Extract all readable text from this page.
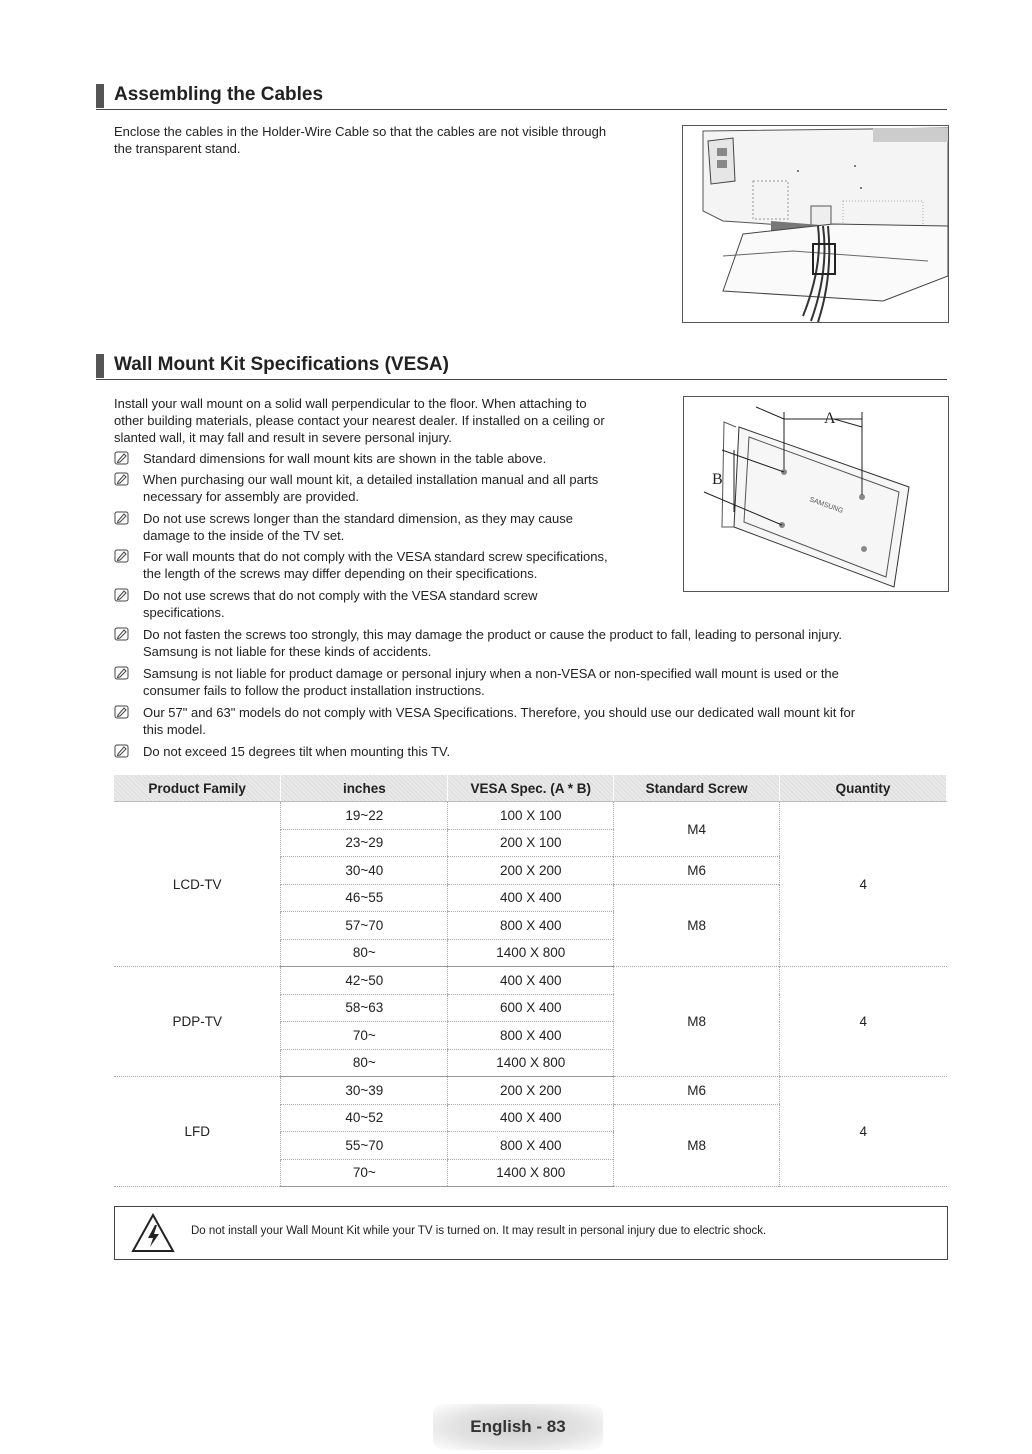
Assembling the Cables
Enclose the cables in the Holder-Wire Cable so that the cables are not visible through
the transparent stand.
Wall Mount Kit Specifications (VESA)
Install your wall mount on a solid wall perpendicular to the floor. When attaching to
other building materials, please contact your nearest dealer. If installed on a ceiling or
slanted wall, it may fall and result in severe personal injury.
SAMSUNG
A
B
Standard dimensions for wall mount kits are shown in the table above.
When purchasing our wall mount kit, a detailed installation manual and all parts
necessary for assembly are provided.
Do not use screws longer than the standard dimension, as they may cause
damage to the inside of the TV set.
For wall mounts that do not comply with the VESA standard screw specifications,
the length of the screws may differ depending on their specifications.
Do not use screws that do not comply with the VESA standard screw
specifications.
Do not fasten the screws too strongly, this may damage the product or cause the product to fall, leading to personal injury.
Samsung is not liable for these kinds of accidents.
Samsung is not liable for product damage or personal injury when a non-VESA or non-specified wall mount is used or the
consumer fails to follow the product installation instructions.
Our 57" and 63" models do not comply with VESA Specifications. Therefore, you should use our dedicated wall mount kit for
this model.
Do not exceed 15 degrees tilt when mounting this TV.
Product Family	inches	VESA Spec. (A * B)	Standard Screw	Quantity
LCD-TV	19~22	100 X 100	M4	4
	23~29	200 X 100		
	30~40	200 X 200	M6	
	46~55	400 X 400	M8	
	57~70	800 X 400		
	80~	1400 X 800		
PDP-TV	42~50	400 X 400	M8	4
	58~63	600 X 400		
	70~	800 X 400		
	80~	1400 X 800		
LFD	30~39	200 X 200	M6	4
	40~52	400 X 400	M8	
	55~70	800 X 400		
	70~	1400 X 800		
Do not install your Wall Mount Kit while your TV is turned on. It may result in personal injury due to electric shock.
English - 83
